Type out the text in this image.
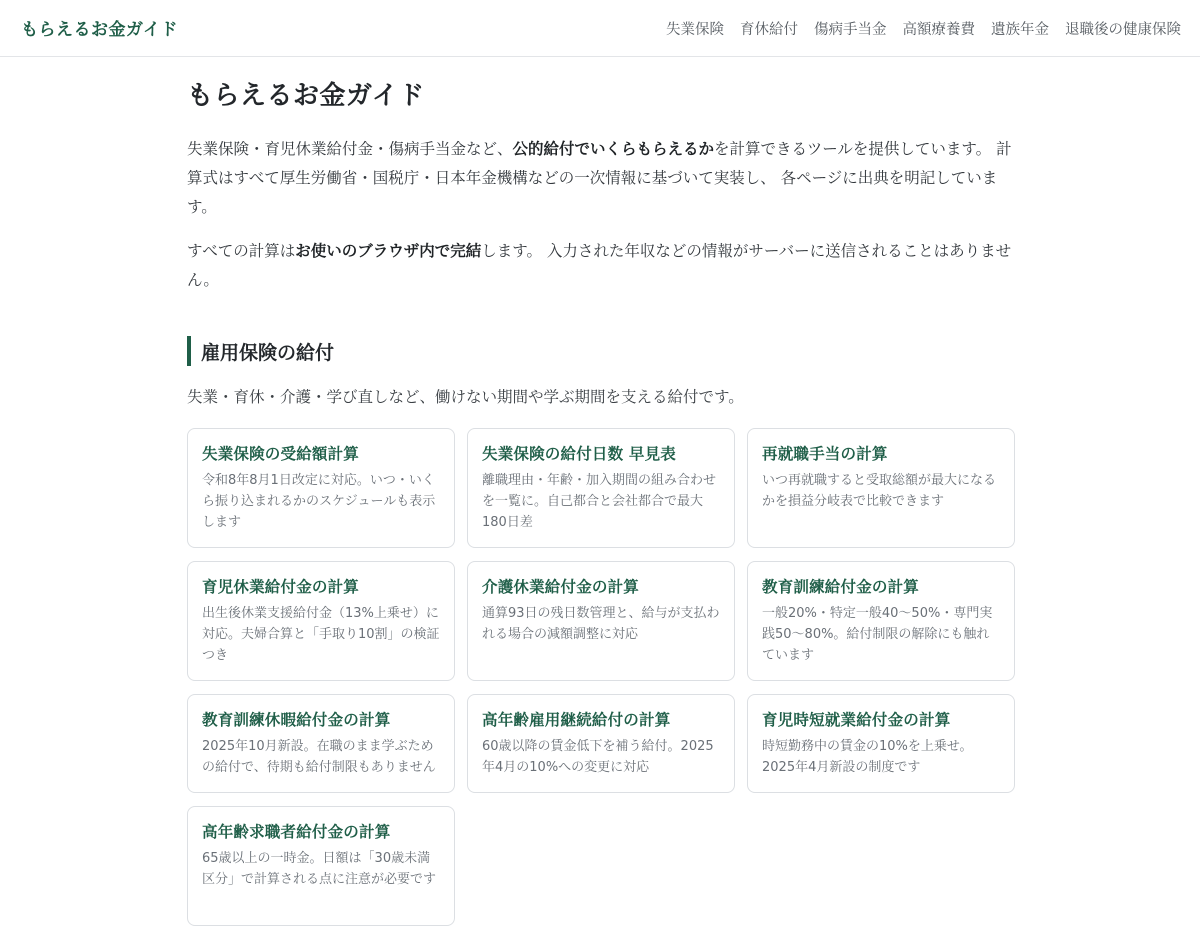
もらえるお金ガイド	失業保険 育休給付 傷病手当金 高額療養費 遺族年金 退職後の健康保険
もらえるお金ガイド

失業保険・育児休業給付金・傷病手当金など、公的給付でいくらもらえるかを計算できるツールを提供しています。 計算式はすべて厚生労働省・国税庁・日本年金機構などの一次情報に基づいて実装し、 各ページに出典を明記しています。

すべての計算はお使いのブラウザ内で完結します。 入力された年収などの情報がサーバーに送信されることはありません。

雇用保険の給付

失業・育休・介護・学び直しなど、働けない期間や学ぶ期間を支える給付です。

失業保険の受給額計算
令和8年8月1日改定に対応。いつ・いくら振り込まれるかのスケジュールも表示します
失業保険の給付日数 早見表
離職理由・年齢・加入期間の組み合わせを一覧に。自己都合と会社都合で最大180日差
再就職手当の計算
いつ再就職すると受取総額が最大になるかを損益分岐表で比較できます
育児休業給付金の計算
出生後休業支援給付金（13%上乗せ）に対応。夫婦合算と「手取り10割」の検証つき
介護休業給付金の計算
通算93日の残日数管理と、給与が支払われる場合の減額調整に対応
教育訓練給付金の計算
一般20%・特定一般40〜50%・専門実践50〜80%。給付制限の解除にも触れています
教育訓練休暇給付金の計算
2025年10月新設。在職のまま学ぶための給付で、待期も給付制限もありません
高年齢雇用継続給付の計算
60歳以降の賃金低下を補う給付。2025年4月の10%への変更に対応
育児時短就業給付金の計算
時短勤務中の賃金の10%を上乗せ。2025年4月新設の制度です
高年齢求職者給付金の計算
65歳以上の一時金。日額は「30歳未満区分」で計算される点に注意が必要です
